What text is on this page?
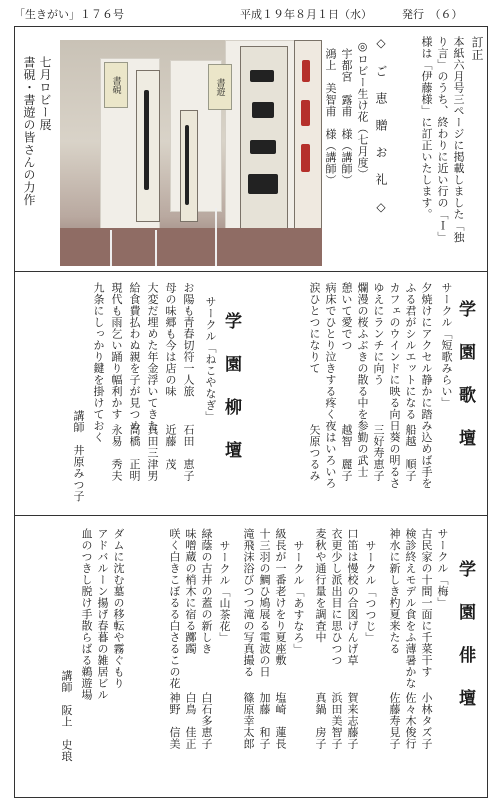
「生きがい」１７６号	平成１９年８月１日（水）	発行　（６）
七月ロビー展
書硯・書遊の皆さんの力作	書硯	書遊	◇ ご 恵 贈 お 礼 ◇
◎ロビー生け花（七月度）
宇都宮　露甫　様（講師）
鴻上　美智甫　様（講師）	訂正
本紙六月号三ページに掲載しました「独
り言」のうち、終わりに近い行の「Ｉ」
様は「伊藤様」に訂正いたします。
学 園 歌 壇
サークル「短歌みらい」
夕焼けにアクセル静かに踏み込めば手を
ふる君がシルエットになる
船越　順子
カフェのウインドに映る向日葵の明るさ
ゆえにランチに向う
三好寿恵子
爛漫の桜ふぶきの散る中を参勤の武士
憩いて愛でつ
越智　麗子
病床でひとり泣きする疼く夜はいろいろ
涙ひとつになりて
矢原つるみ
学 園 柳 壇
サークル「ねこやなぎ」
お陽も青春切符一人旅
石田　恵子
母の味郷も今は店の味
近藤　茂
大変だ埋めた年金浮いてきた
真田三津男
給食費払わぬ親を子が見つめ
高橋　正明
現代も雨乞い踊り幅利かす
永易　秀夫
九条にしっかり鍵を掛けておく
講師　井原みつ子
学 園 俳 壇
サークル「梅」
古民家の十間一面に千菜干す
小林タズ子
検診終えモデル食をふ薄暑かな
佐々木俊行
神水に新しき杓夏来たる
佐藤寿見子
サークル「つつじ」
口笛は慢校の合図げんげ草
賀来志藤子
衣更少し派出目に思ひつつ
浜田美智子
麦秋や通行量を調査中
真鍋　房子
サークル「あすなろ」
級長が一番老けをり夏座敷
塩崎　蓮長
十三羽の鯛ひ鳩展る電波の日
加藤　和子
滝飛沫浴びつつ滝の写真撮る
篠原幸太郎
サークル「山茶花」
緑蔭の古井の蓋の新しき
白石多恵子
味噌蔵の梢木に宿る躑躅
白鳥　佳正
咲く白きこぼるる白さるこの花
神野　信美
ダムに沈む墓の移転や霧ぐもり
アドバルーン揚げ春暮の雑居ビル
血のつきし脱け手散らばる鵜遊場
講師　阪上　史琅
